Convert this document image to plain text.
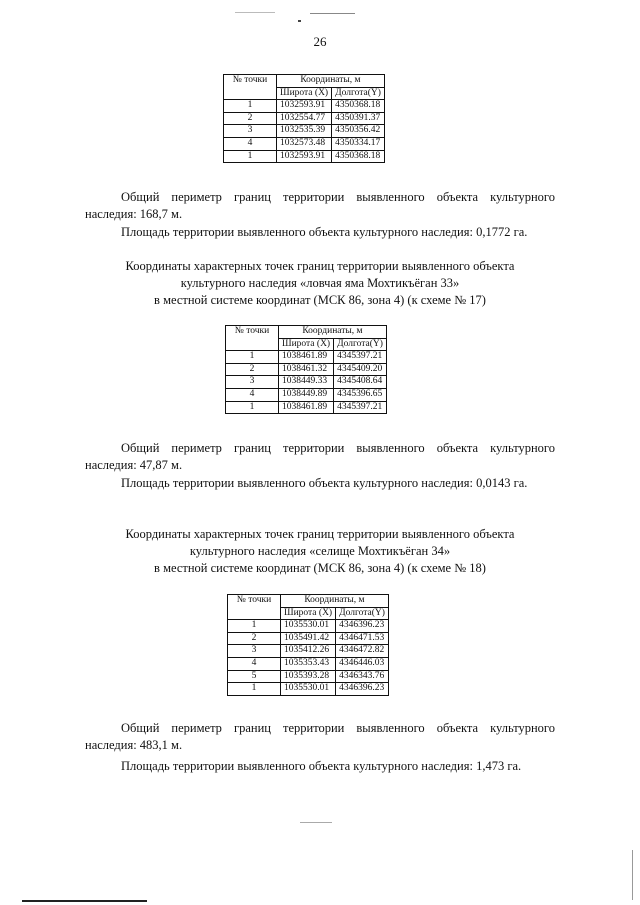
26
№ точки	Координаты, м	
	Широта (X)	Долгота(Y)
1	1032593.91	4350368.18
2	1032554.77	4350391.37
3	1032535.39	4350356.42
4	1032573.48	4350334.17
1	1032593.91	4350368.18

Общий периметр границ территории выявленного объекта культурного наследия: 168,7 м.

Площадь территории выявленного объекта культурного наследия: 0,1772 га.

Координаты характерных точек границ территории выявленного объекта

культурного наследия «ловчая яма Мохтикъёган 33»

в местной системе координат (МСК 86, зона 4) (к схеме № 17)

№ точки	Координаты, м	
	Широта (X)	Долгота(Y)
1	1038461.89	4345397.21
2	1038461.32	4345409.20
3	1038449.33	4345408.64
4	1038449.89	4345396.65
1	1038461.89	4345397.21

Общий периметр границ территории выявленного объекта культурного наследия: 47,87 м.

Площадь территории выявленного объекта культурного наследия: 0,0143 га.

Координаты характерных точек границ территории выявленного объекта

культурного наследия «селище Мохтикъёган 34»

в местной системе координат (МСК 86, зона 4) (к схеме № 18)

№ точки	Координаты, м	
	Широта (X)	Долгота(Y)
1	1035530.01	4346396.23
2	1035491.42	4346471.53
3	1035412.26	4346472.82
4	1035353.43	4346446.03
5	1035393.28	4346343.76
1	1035530.01	4346396.23

Общий периметр границ территории выявленного объекта культурного наследия: 483,1 м.

Площадь территории выявленного объекта культурного наследия: 1,473 га.
